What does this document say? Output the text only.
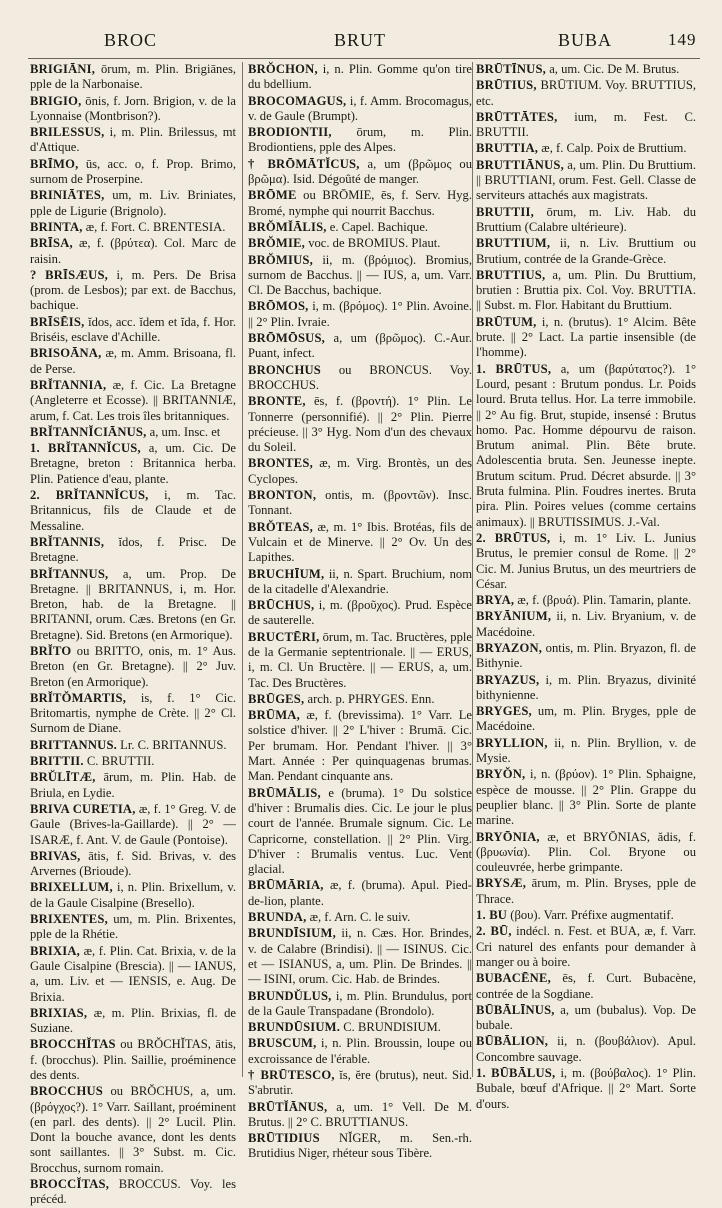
BROC	BRUT	BUBA	149

BRIGIĀNI, ōrum, m. Plin. Brigiānes, pple de la Narbonaise.

BRIGIO, ōnis, f. Jorn. Brigion, v. de la Lyonnaise (Montbrison?).

BRILESSUS, i, m. Plin. Brilessus, mt d'Attique.

BRĪMO, ūs, acc. o, f. Prop. Brimo, surnom de Proserpine.

BRINIĀTES, um, m. Liv. Briniates, pple de Ligurie (Brignolo).

BRINTA, æ, f. Fort. C. BRENTESIA.

BRĪSA, æ, f. (βρύτεα). Col. Marc de raisin.

? BRĪSÆUS, i, m. Pers. De Brisa (prom. de Lesbos); par ext. de Bacchus, bachique.

BRĪSĒIS, ĭdos, acc. ĭdem et ĭda, f. Hor. Briséis, esclave d'Achille.

BRISOĀNA, æ, m. Amm. Brisoana, fl. de Perse.

BRĬTANNIA, æ, f. Cic. La Bretagne (Angleterre et Ecosse). || BRITANNIÆ, arum, f. Cat. Les trois îles britanniques.

BRĬTANNĬCIĀNUS, a, um. Insc. et

1. BRĬTANNĬCUS, a, um. Cic. De Bretagne, breton : Britannica herba. Plin. Patience d'eau, plante.

2. BRĬTANNĬCUS, i, m. Tac. Britannicus, fils de Claude et de Messaline.

BRĬTANNIS, ĭdos, f. Prisc. De Bretagne.

BRĬTANNUS, a, um. Prop. De Bretagne. || BRITANNUS, i, m. Hor. Breton, hab. de la Bretagne. || BRITANNI, orum. Cæs. Bretons (en Gr. Bretagne). Sid. Bretons (en Armorique).

BRĬTO ou BRITTO, onis, m. 1° Aus. Breton (en Gr. Bretagne). || 2° Juv. Breton (en Armorique).

BRĬTŎMARTIS, is, f. 1° Cic. Britomartis, nymphe de Crète. || 2° Cl. Surnom de Diane.

BRITTANNUS. Lr. C. BRITANNUS.

BRITTII. C. BRUTTII.

BRŬLĪTÆ, ārum, m. Plin. Hab. de Briula, en Lydie.

BRIVA CURETIA, æ, f. 1° Greg. V. de Gaule (Brives-la-Gaillarde). || 2° — ISARÆ, f. Ant. V. de Gaule (Pontoise).

BRIVAS, ātis, f. Sid. Brivas, v. des Arvernes (Brioude).

BRIXELLUM, i, n. Plin. Brixellum, v. de la Gaule Cisalpine (Bresello).

BRIXENTES, um, m. Plin. Brixentes, pple de la Rhétie.

BRIXIA, æ, f. Plin. Cat. Brixia, v. de la Gaule Cisalpine (Brescia). || — IANUS, a, um. Liv. et — IENSIS, e. Aug. De Brixia.

BRIXIAS, æ, m. Plin. Brixias, fl. de Suziane.

BROCCHĬTAS ou BRŎCHĬTAS, ātis, f. (brocchus). Plin. Saillie, proéminence des dents.

BROCCHUS ou BRŎCHUS, a, um. (βρόγχος?). 1° Varr. Saillant, proéminent (en parl. des dents). || 2° Lucil. Plin. Dont la bouche avance, dont les dents sont saillantes. || 3° Subst. m. Cic. Brocchus, surnom romain.

BROCCĬTAS, BROCCUS. Voy. les précéd.

BRŎCHON, i, n. Plin. Gomme qu'on tire du bdellium.

BROCOMAGUS, i, f. Amm. Brocomagus, v. de Gaule (Brumpt).

BRODIONTII, ōrum, m. Plin. Brodiontiens, pple des Alpes.

† BRŌMĀTĬCUS, a, um (βρῶμος ou βρῶμα). Isid. Dégoûté de manger.

BRŌME ou BRŌMIE, ēs, f. Serv. Hyg. Bromé, nymphe qui nourrit Bacchus.

BRŎMĬĀLIS, e. Capel. Bachique.

BRŎMIE, voc. de BROMIUS. Plaut.

BRŎMIUS, ii, m. (βρόμιος). Bromius, surnom de Bacchus. || — IUS, a, um. Varr. Cl. De Bacchus, bachique.

BRŌMOS, i, m. (βρόμος). 1° Plin. Avoine. || 2° Plin. Ivraie.

BRŌMŌSUS, a, um (βρῶμος). C.-Aur. Puant, infect.

BRONCHUS ou BRONCUS. Voy. BROCCHUS.

BRONTE, ēs, f. (βροντή). 1° Plin. Le Tonnerre (personnifié). || 2° Plin. Pierre précieuse. || 3° Hyg. Nom d'un des chevaux du Soleil.

BRONTES, æ, m. Virg. Brontès, un des Cyclopes.

BRONTON, ontis, m. (βροντῶν). Insc. Tonnant.

BRŎTEAS, æ, m. 1° Ibis. Brotéas, fils de Vulcain et de Minerve. || 2° Ov. Un des Lapithes.

BRUCHĪUM, ii, n. Spart. Bruchium, nom de la citadelle d'Alexandrie.

BRŪCHUS, i, m. (βροῦχος). Prud. Espèce de sauterelle.

BRUCTĒRI, ōrum, m. Tac. Bructères, pple de la Germanie septentrionale. || — ERUS, i, m. Cl. Un Bructère. || — ERUS, a, um. Tac. Des Bructères.

BRŪGES, arch. p. PHRYGES. Enn.

BRŪMA, æ, f. (brevissima). 1° Varr. Le solstice d'hiver. || 2° L'hiver : Brumā. Cic. Per brumam. Hor. Pendant l'hiver. || 3° Mart. Année : Per quinquagenas brumas. Man. Pendant cinquante ans.

BRŪMĀLIS, e (bruma). 1° Du solstice d'hiver : Brumalis dies. Cic. Le jour le plus court de l'année. Brumale signum. Cic. Le Capricorne, constellation. || 2° Plin. Virg. D'hiver : Brumalis ventus. Luc. Vent glacial.

BRŪMĀRIA, æ, f. (bruma). Apul. Pied-de-lion, plante.

BRUNDA, æ, f. Arn. C. le suiv.

BRUNDĪSIUM, ii, n. Cæs. Hor. Brindes, v. de Calabre (Brindisi). || — ISINUS. Cic. et — ISIANUS, a, um. Plin. De Brindes. || — ISINI, orum. Cic. Hab. de Brindes.

BRUNDŬLUS, i, m. Plin. Brundulus, port de la Gaule Transpadane (Brondolo).

BRUNDŪSIUM. C. BRUNDISIUM.

BRUSCUM, i, n. Plin. Broussin, loupe ou excroissance de l'érable.

† BRŪTESCO, ĭs, ĕre (brutus), neut. Sid. S'abrutir.

BRŪTĬĀNUS, a, um. 1° Vell. De M. Brutus. || 2° C. BRUTTIANUS.

BRŪTIDIUS NĬGER, m. Sen.-rh. Brutidius Niger, rhéteur sous Tibère.

BRŪTĪNUS, a, um. Cic. De M. Brutus.

BRŪTIUS, BRŪTIUM. Voy. BRUTTIUS, etc.

BRŪTTĀTES, ium, m. Fest. C. BRUTTII.

BRUTTIA, æ, f. Calp. Poix de Bruttium.

BRUTTIĀNUS, a, um. Plin. Du Bruttium. || BRUTTIANI, orum. Fest. Gell. Classe de serviteurs attachés aux magistrats.

BRUTTII, ōrum, m. Liv. Hab. du Bruttium (Calabre ultérieure).

BRUTTIUM, ii, n. Liv. Bruttium ou Brutium, contrée de la Grande-Grèce.

BRUTTIUS, a, um. Plin. Du Bruttium, brutien : Bruttia pix. Col. Voy. BRUTTIA. || Subst. m. Flor. Habitant du Bruttium.

BRŪTUM, i, n. (brutus). 1° Alcim. Bête brute. || 2° Lact. La partie insensible (de l'homme).

1. BRŪTUS, a, um (βαρύτατος?). 1° Lourd, pesant : Brutum pondus. Lr. Poids lourd. Bruta tellus. Hor. La terre immobile. || 2° Au fig. Brut, stupide, insensé : Brutus homo. Pac. Homme dépourvu de raison. Brutum animal. Plin. Bête brute. Adolescentia bruta. Sen. Jeunesse inepte. Brutum scitum. Prud. Décret absurde. || 3° Bruta fulmina. Plin. Foudres inertes. Bruta pira. Plin. Poires velues (comme certains animaux). || BRUTISSIMUS. J.-Val.

2. BRŪTUS, i, m. 1° Liv. L. Junius Brutus, le premier consul de Rome. || 2° Cic. M. Junius Brutus, un des meurtriers de César.

BRYA, æ, f. (βρυά). Plin. Tamarin, plante.

BRYĀNIUM, ii, n. Liv. Bryanium, v. de Macédoine.

BRYAZON, ontis, m. Plin. Bryazon, fl. de Bithynie.

BRYAZUS, i, m. Plin. Bryazus, divinité bithynienne.

BRYGES, um, m. Plin. Bryges, pple de Macédoine.

BRYLLION, ii, n. Plin. Bryllion, v. de Mysie.

BRYŎN, i, n. (βρύον). 1° Plin. Sphaigne, espèce de mousse. || 2° Plin. Grappe du peuplier blanc. || 3° Plin. Sorte de plante marine.

BRYŌNIA, æ, et BRYŌNIAS, ădis, f. (βρυωνία). Plin. Col. Bryone ou couleuvrée, herbe grimpante.

BRYSÆ, ārum, m. Plin. Bryses, pple de Thrace.

1. BU (βου). Varr. Préfixe augmentatif.

2. BŪ, indécl. n. Fest. et BUA, æ, f. Varr. Cri naturel des enfants pour demander à manger ou à boire.

BUBACĒNE, ēs, f. Curt. Bubacène, contrée de la Sogdiane.

BŪBĀLĪNUS, a, um (bubalus). Vop. De bubale.

BŪBĀLION, ii, n. (βουβάλιον). Apul. Concombre sauvage.

1. BŪBĀLUS, i, m. (βούβαλος). 1° Plin. Bubale, bœuf d'Afrique. || 2° Mart. Sorte d'ours.
